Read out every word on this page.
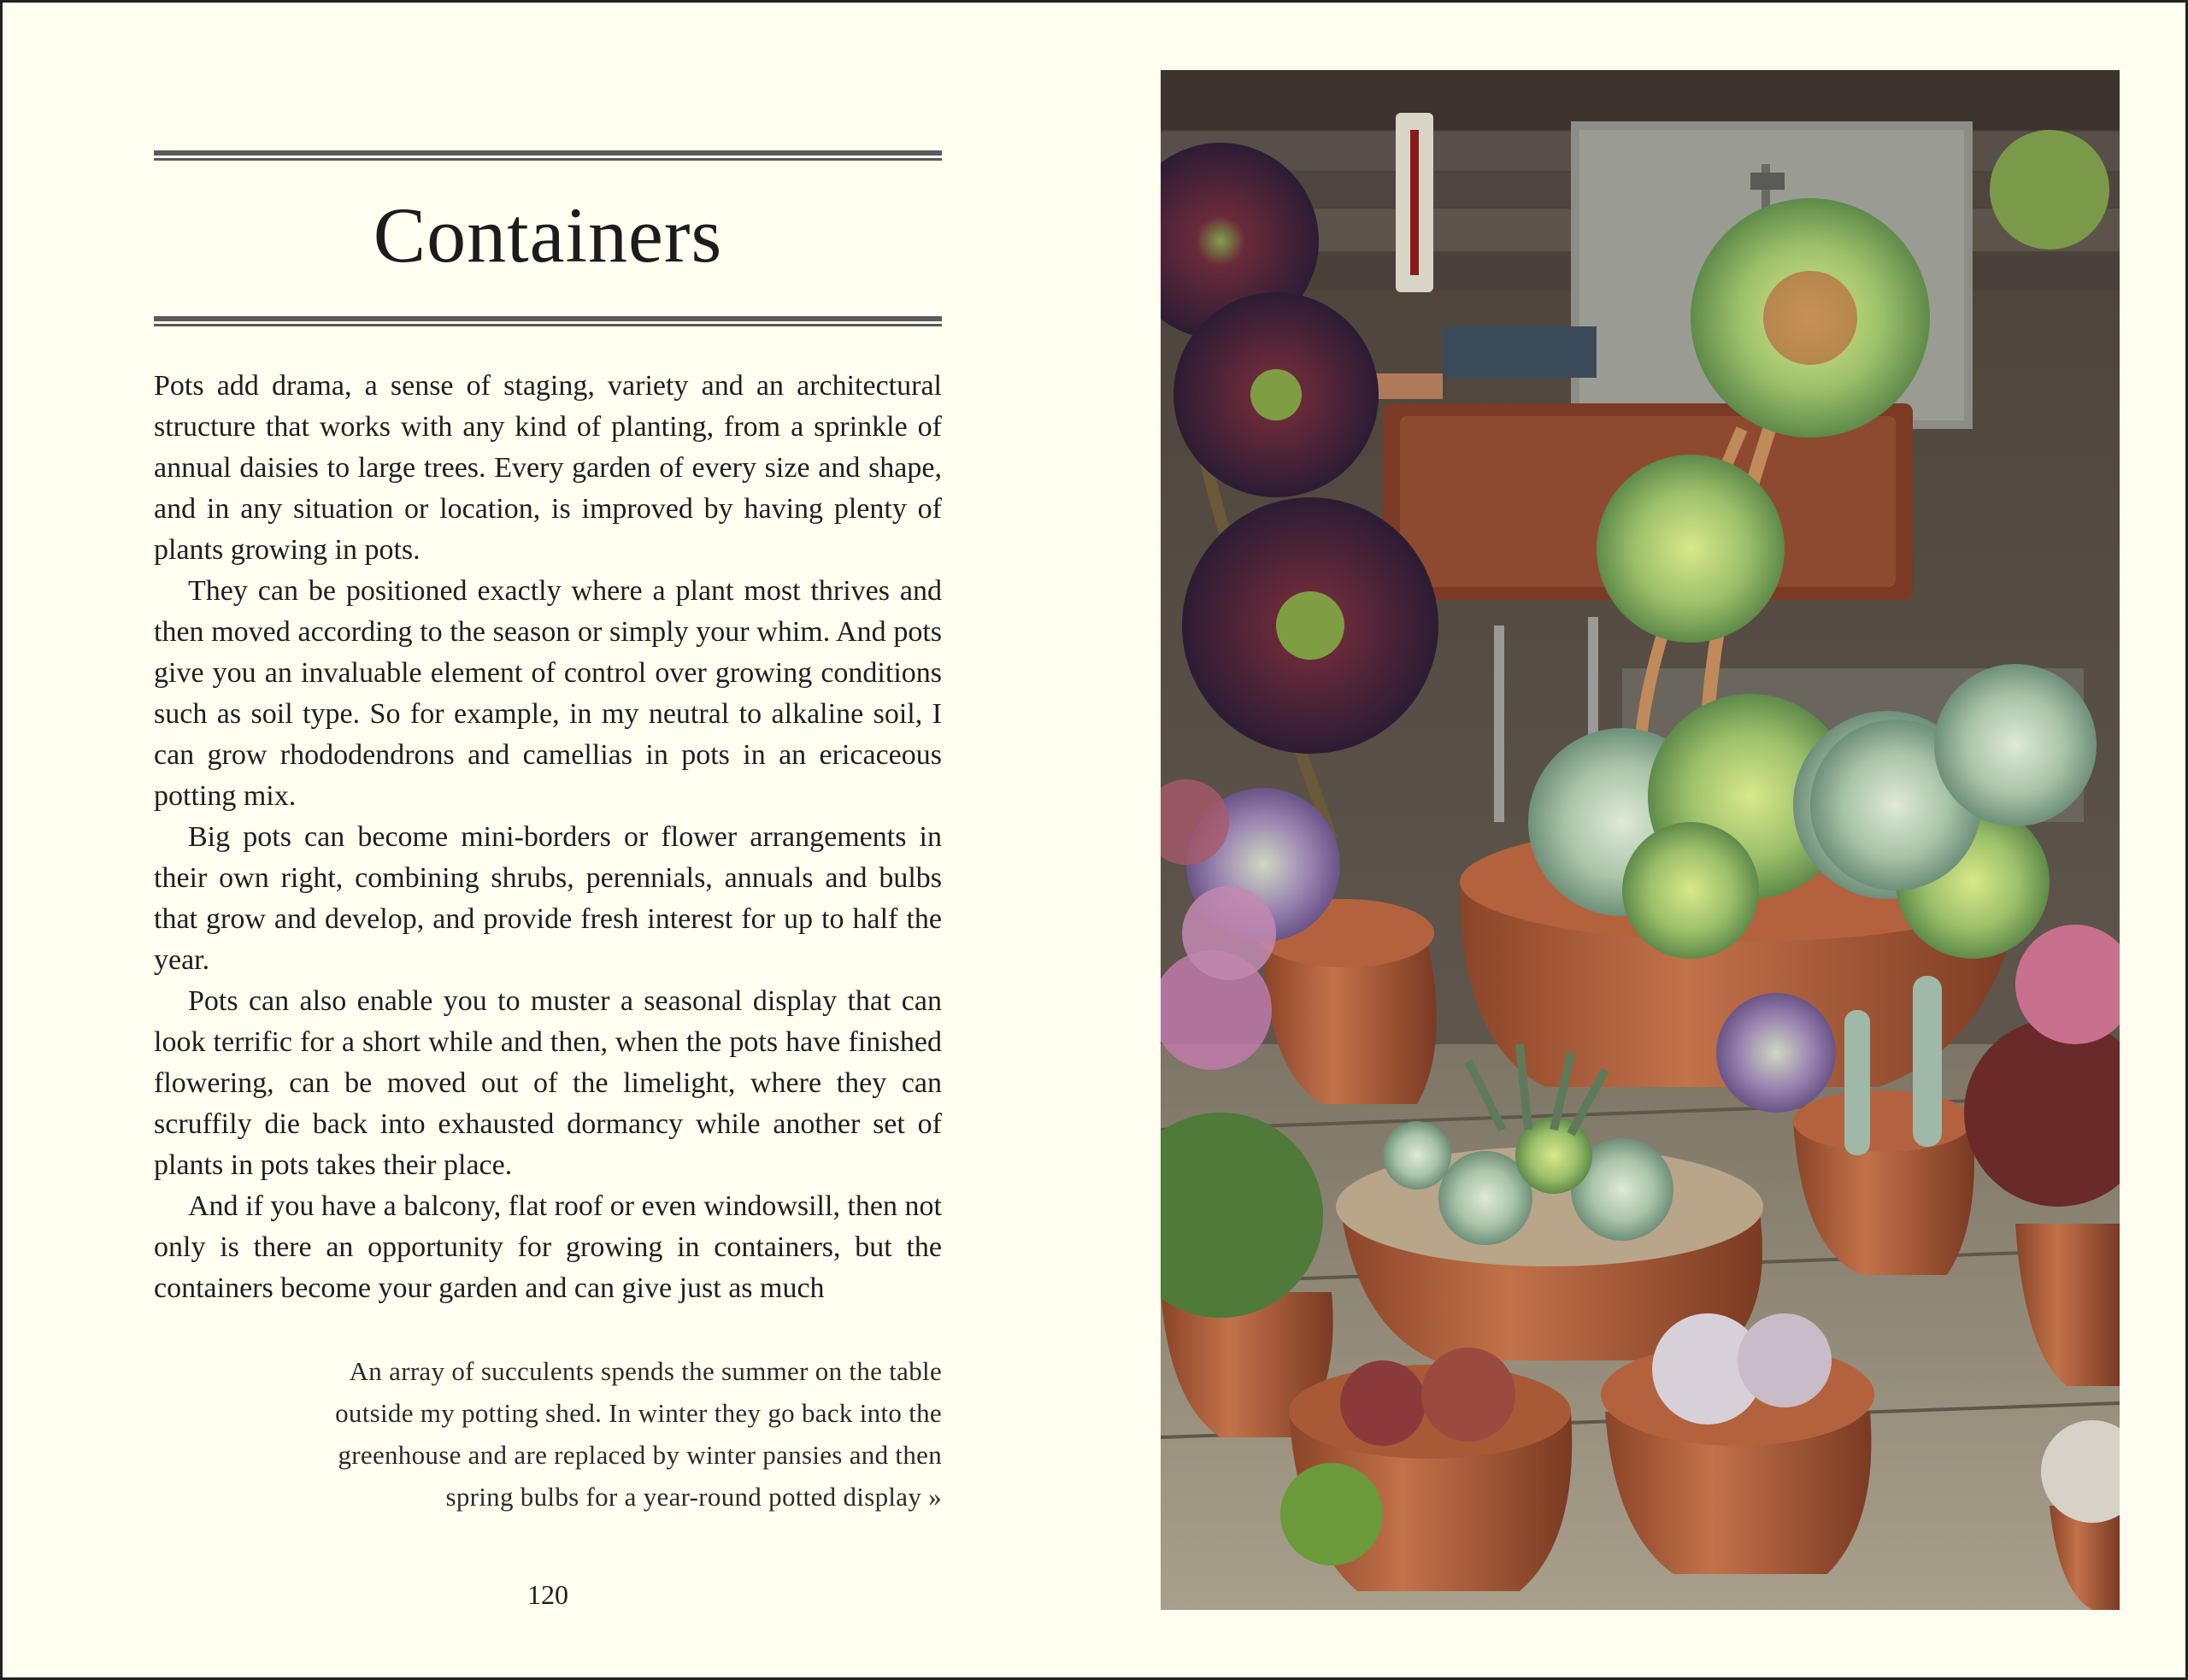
Containers

Pots add drama, a sense of staging, variety and an architectural structure that works with any kind of planting, from a sprinkle of annual daisies to large trees. Every garden of every size and shape, and in any situation or location, is improved by having plenty of plants growing in pots.

They can be positioned exactly where a plant most thrives and then moved according to the season or simply your whim. And pots give you an invaluable element of control over growing conditions such as soil type. So for example, in my neutral to alkaline soil, I can grow rhododendrons and camellias in pots in an ericaceous potting mix.

Big pots can become mini-borders or flower arrangements in their own right, combining shrubs, perennials, annuals and bulbs that grow and develop, and provide fresh interest for up to half the year.

Pots can also enable you to muster a seasonal display that can look terrific for a short while and then, when the pots have finished flowering, can be moved out of the limelight, where they can scruffily die back into exhausted dormancy while another set of plants in pots takes their place.

And if you have a balcony, flat roof or even windowsill, then not only is there an opportunity for growing in containers, but the containers become your garden and can give just as much

An array of succulents spends the summer on the table
outside my potting shed. In winter they go back into the
greenhouse and are replaced by winter pansies and then
spring bulbs for a year-round potted display »
120
